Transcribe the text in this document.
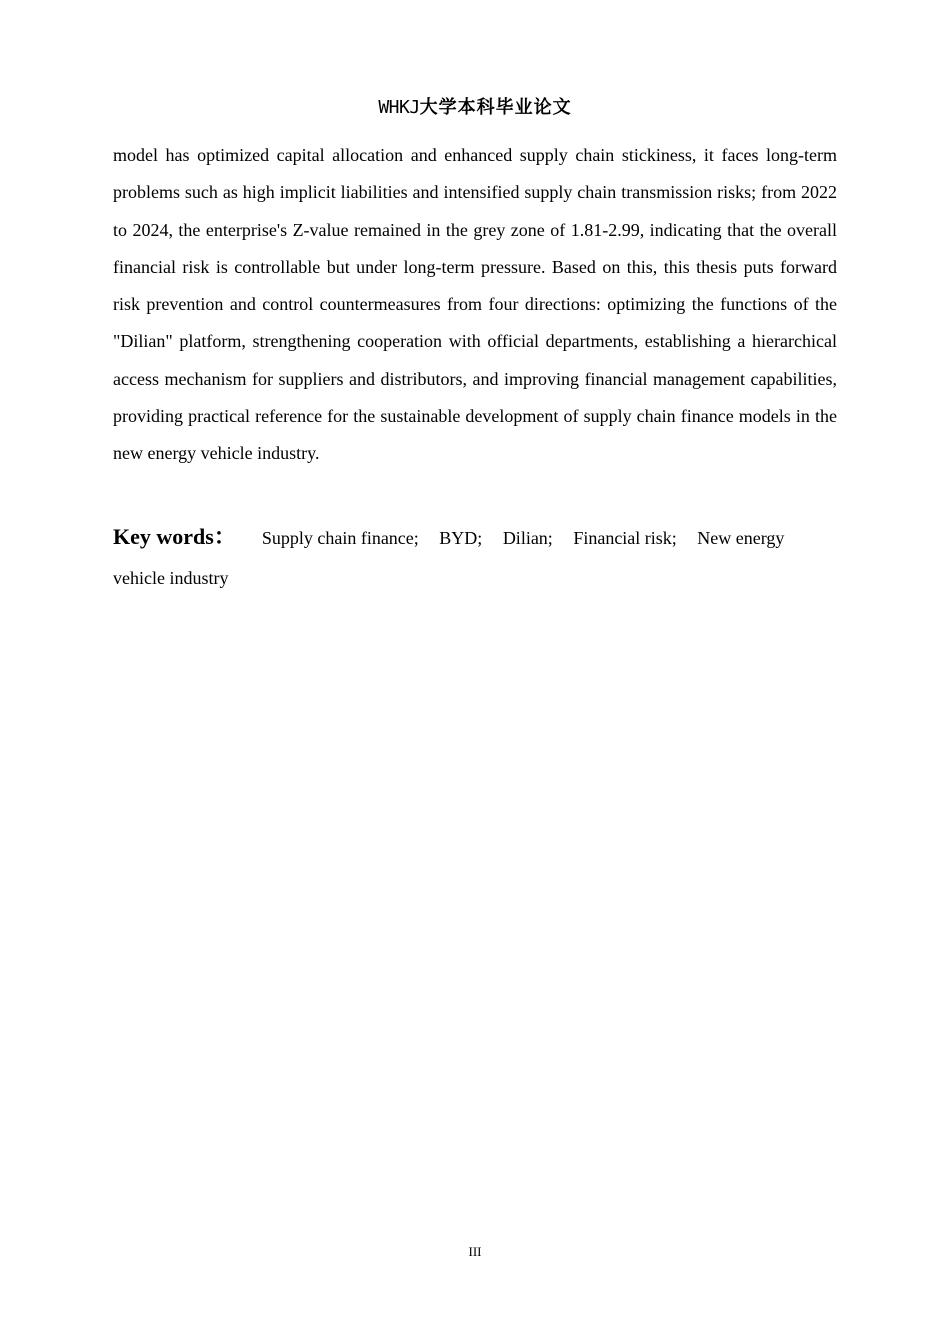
WHKJ大学本科毕业论文

model has optimized capital allocation and enhanced supply chain stickiness, it faces long-term problems such as high implicit liabilities and intensified supply chain transmission risks; from 2022 to 2024, the enterprise's Z-value remained in the grey zone of 1.81-2.99, indicating that the overall financial risk is controllable but under long-term pressure. Based on this, this thesis puts forward risk prevention and control countermeasures from four directions: optimizing the functions of the "Dilian" platform, strengthening cooperation with official departments, establishing a hierarchical access mechanism for suppliers and distributors, and improving financial management capabilities, providing practical reference for the sustainable development of supply chain finance models in the new energy vehicle industry.

Key words： Supply chain finance; BYD; Dilian; Financial risk; New energy vehicle industry

III
